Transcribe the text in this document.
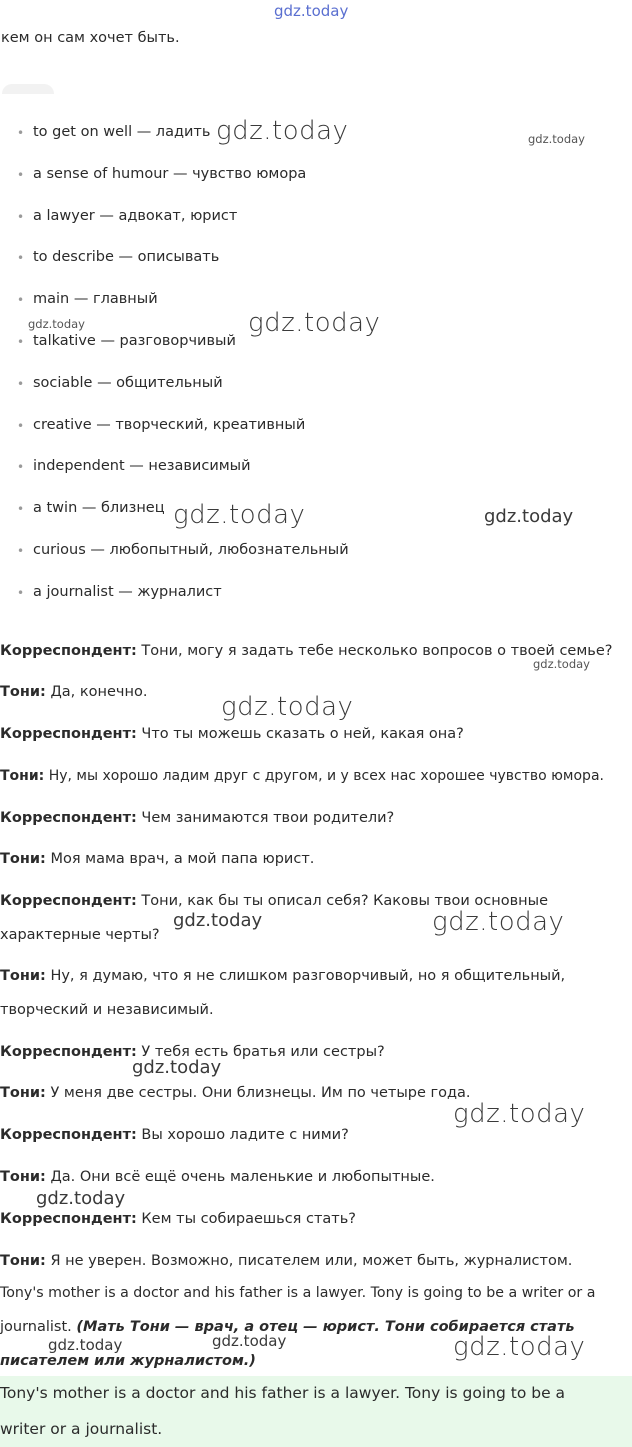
gdz.today
кем он сам хочет быть.
• to get on well — ладить
• a sense of humour — чувство юмора
• a lawyer — адвокат, юрист
• to describe — описывать
• main — главный
• talkative — разговорчивый
• sociable — общительный
• creative — творческий, креативный
• independent — независимый
• a twin — близнец
• curious — любопытный, любознательный
• a journalist — журналист
Корреспондент: Тони, могу я задать тебе несколько вопросов о твоей семье?
Тони: Да, конечно.
Корреспондент: Что ты можешь сказать о ней, какая она?
Тони: Ну, мы хорошо ладим друг с другом, и у всех нас хорошее чувство юмора.
Корреспондент: Чем занимаются твои родители?
Тони: Моя мама врач, а мой папа юрист.
Корреспондент: Тони, как бы ты описал себя? Каковы твои основные
характерные черты?
Тони: Ну, я думаю, что я не слишком разговорчивый, но я общительный,
творческий и независимый.
Корреспондент: У тебя есть братья или сестры?
Тони: У меня две сестры. Они близнецы. Им по четыре года.
Корреспондент: Вы хорошо ладите с ними?
Тони: Да. Они всё ещё очень маленькие и любопытные.
Корреспондент: Кем ты собираешься стать?
Тони: Я не уверен. Возможно, писателем или, может быть, журналистом.
Tony's mother is a doctor and his father is a lawyer. Tony is going to be a writer or a
journalist. (Мать Тони — врач, а отец — юрист. Тони собирается стать
писателем или журналистом.)
Tony's mother is a doctor and his father is a lawyer. Tony is going to be a
writer or a journalist.
gdz.today	gdz.today
gdz.today	gdz.today
gdz.today	gdz.today
gdz.today
gdz.today
gdz.today	gdz.today
gdz.today
gdz.today
gdz.today
gdz.today	gdz.today	gdz.today
